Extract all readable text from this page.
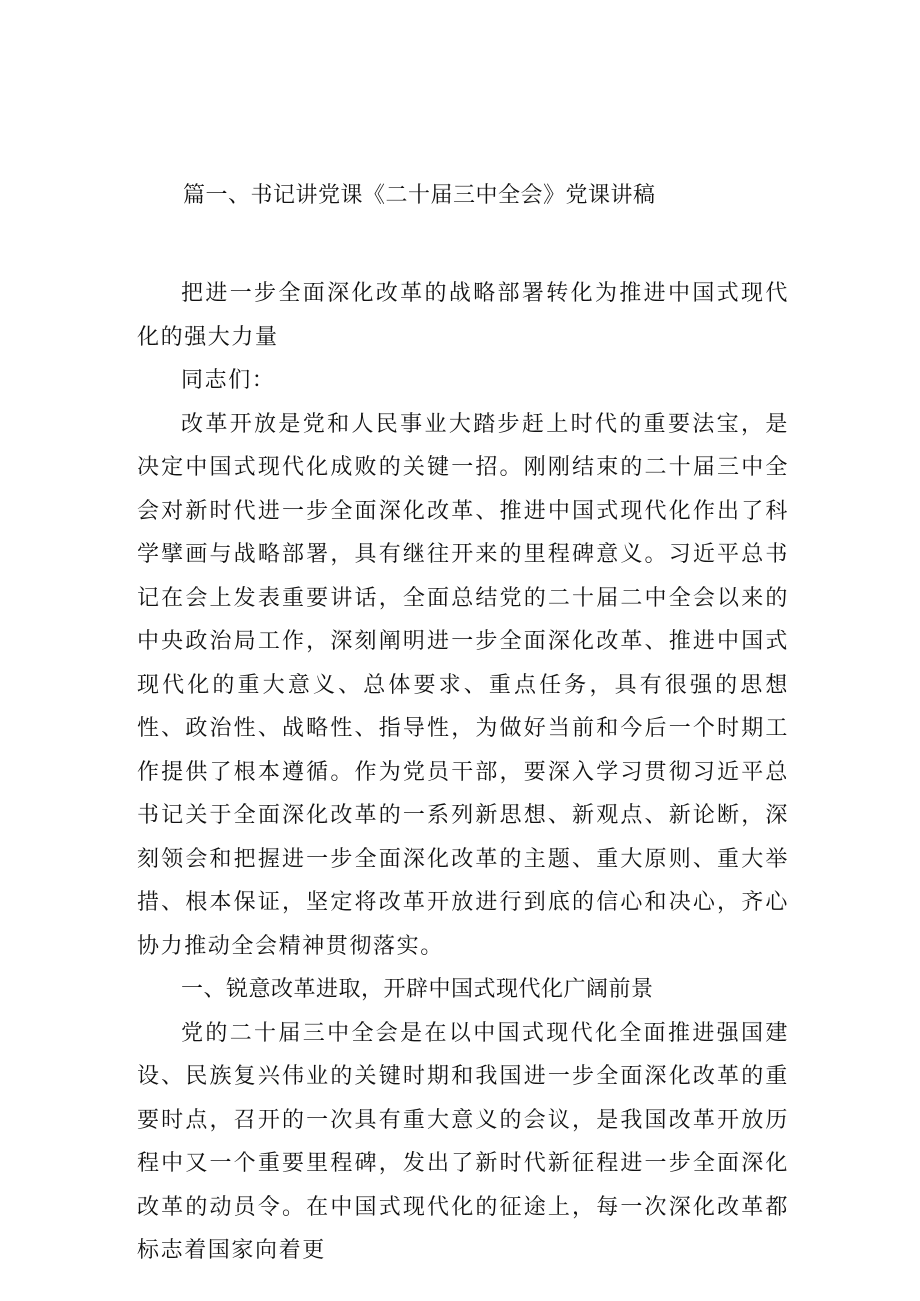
篇一、书记讲党课《二十届三中全会》党课讲稿

把进一步全面深化改革的战略部署转化为推进中国式现代化的强大力量

同志们：

改革开放是党和人民事业大踏步赶上时代的重要法宝，是决定中国式现代化成败的关键一招。刚刚结束的二十届三中全会对新时代进一步全面深化改革、推进中国式现代化作出了科学擘画与战略部署，具有继往开来的里程碑意义。习近平总书记在会上发表重要讲话，全面总结党的二十届二中全会以来的中央政治局工作，深刻阐明进一步全面深化改革、推进中国式现代化的重大意义、总体要求、重点任务，具有很强的思想性、政治性、战略性、指导性，为做好当前和今后一个时期工作提供了根本遵循。作为党员干部，要深入学习贯彻习近平总书记关于全面深化改革的一系列新思想、新观点、新论断，深刻领会和把握进一步全面深化改革的主题、重大原则、重大举措、根本保证，坚定将改革开放进行到底的信心和决心，齐心协力推动全会精神贯彻落实。

一、锐意改革进取，开辟中国式现代化广阔前景

党的二十届三中全会是在以中国式现代化全面推进强国建设、民族复兴伟业的关键时期和我国进一步全面深化改革的重要时点，召开的一次具有重大意义的会议，是我国改革开放历程中又一个重要里程碑，发出了新时代新征程进一步全面深化改革的动员令。在中国式现代化的征途上，每一次深化改革都标志着国家向着更
